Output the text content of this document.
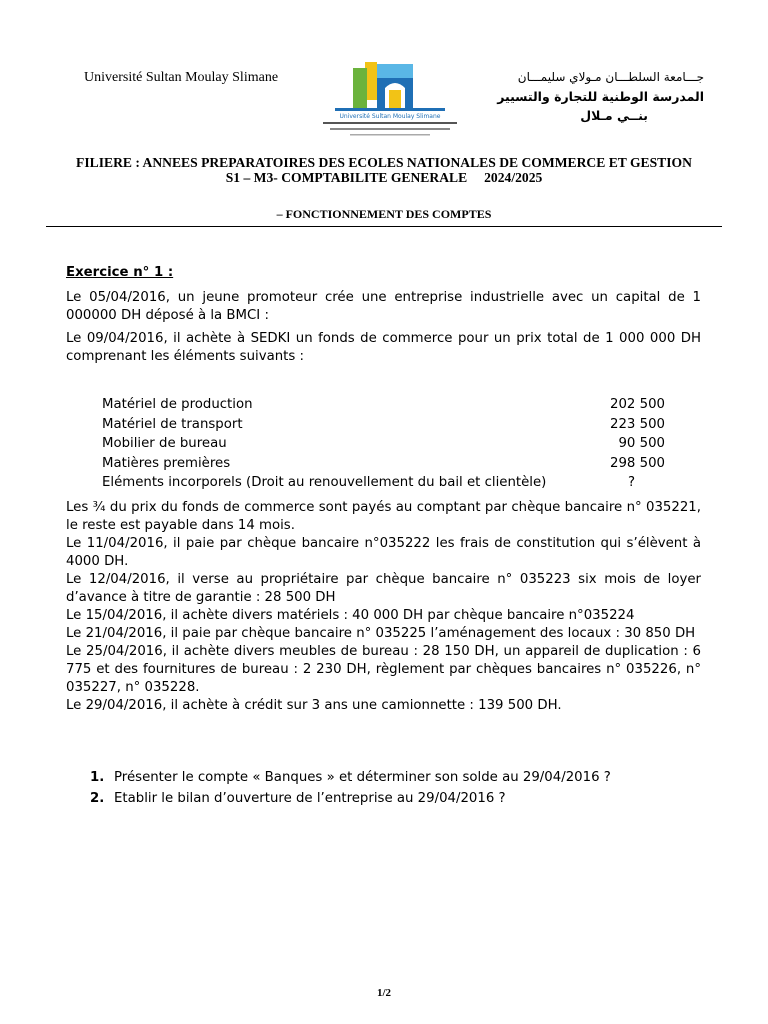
Université Sultan Moulay Slimane
Université Sultan Moulay Slimane
جـــامعة السلطـــان مـولاي سليمـــان
المدرسة الوطنية للتجارة والتسيير
بنــي مـلال
FILIERE : ANNEES PREPARATOIRES DES ECOLES NATIONALES DE COMMERCE ET GESTION
S1 – M3- COMPTABILITE GENERALE     2024/2025
– FONCTIONNEMENT DES COMPTES
Exercice n° 1 :
Le 05/04/2016, un jeune promoteur crée une entreprise industrielle avec un capital de 1 000000 DH déposé à la BMCI :
Le 09/04/2016, il achète à SEDKI un fonds de commerce pour un prix total de 1 000 000 DH comprenant les éléments suivants :
Matériel de production	202 500
Matériel de transport	223 500
Mobilier de bureau	90 500
Matières premières	298 500
Eléments incorporels (Droit au renouvellement du bail et clientèle)	?
Les ¾ du prix du fonds de commerce sont payés au comptant par chèque bancaire n° 035221, le reste est payable dans 14 mois.
Le 11/04/2016, il paie par chèque bancaire n°035222 les frais de constitution qui s’élèvent à 4000 DH.
Le 12/04/2016, il verse au propriétaire par chèque bancaire n° 035223 six mois de loyer d’avance à titre de garantie : 28 500 DH
Le 15/04/2016, il achète divers matériels : 40 000 DH par chèque bancaire n°035224
Le 21/04/2016, il paie par chèque bancaire n° 035225 l’aménagement des locaux : 30 850 DH
Le 25/04/2016, il achète divers meubles de bureau : 28 150 DH, un appareil de duplication : 6 775 et des fournitures de bureau : 2 230 DH, règlement par chèques bancaires n° 035226, n° 035227, n° 035228.
Le 29/04/2016, il achète à crédit sur 3 ans une camionnette : 139 500 DH.
1. Présenter le compte « Banques » et déterminer son solde au 29/04/2016 ?
2. Etablir le bilan d’ouverture de l’entreprise au 29/04/2016 ?
1/2
